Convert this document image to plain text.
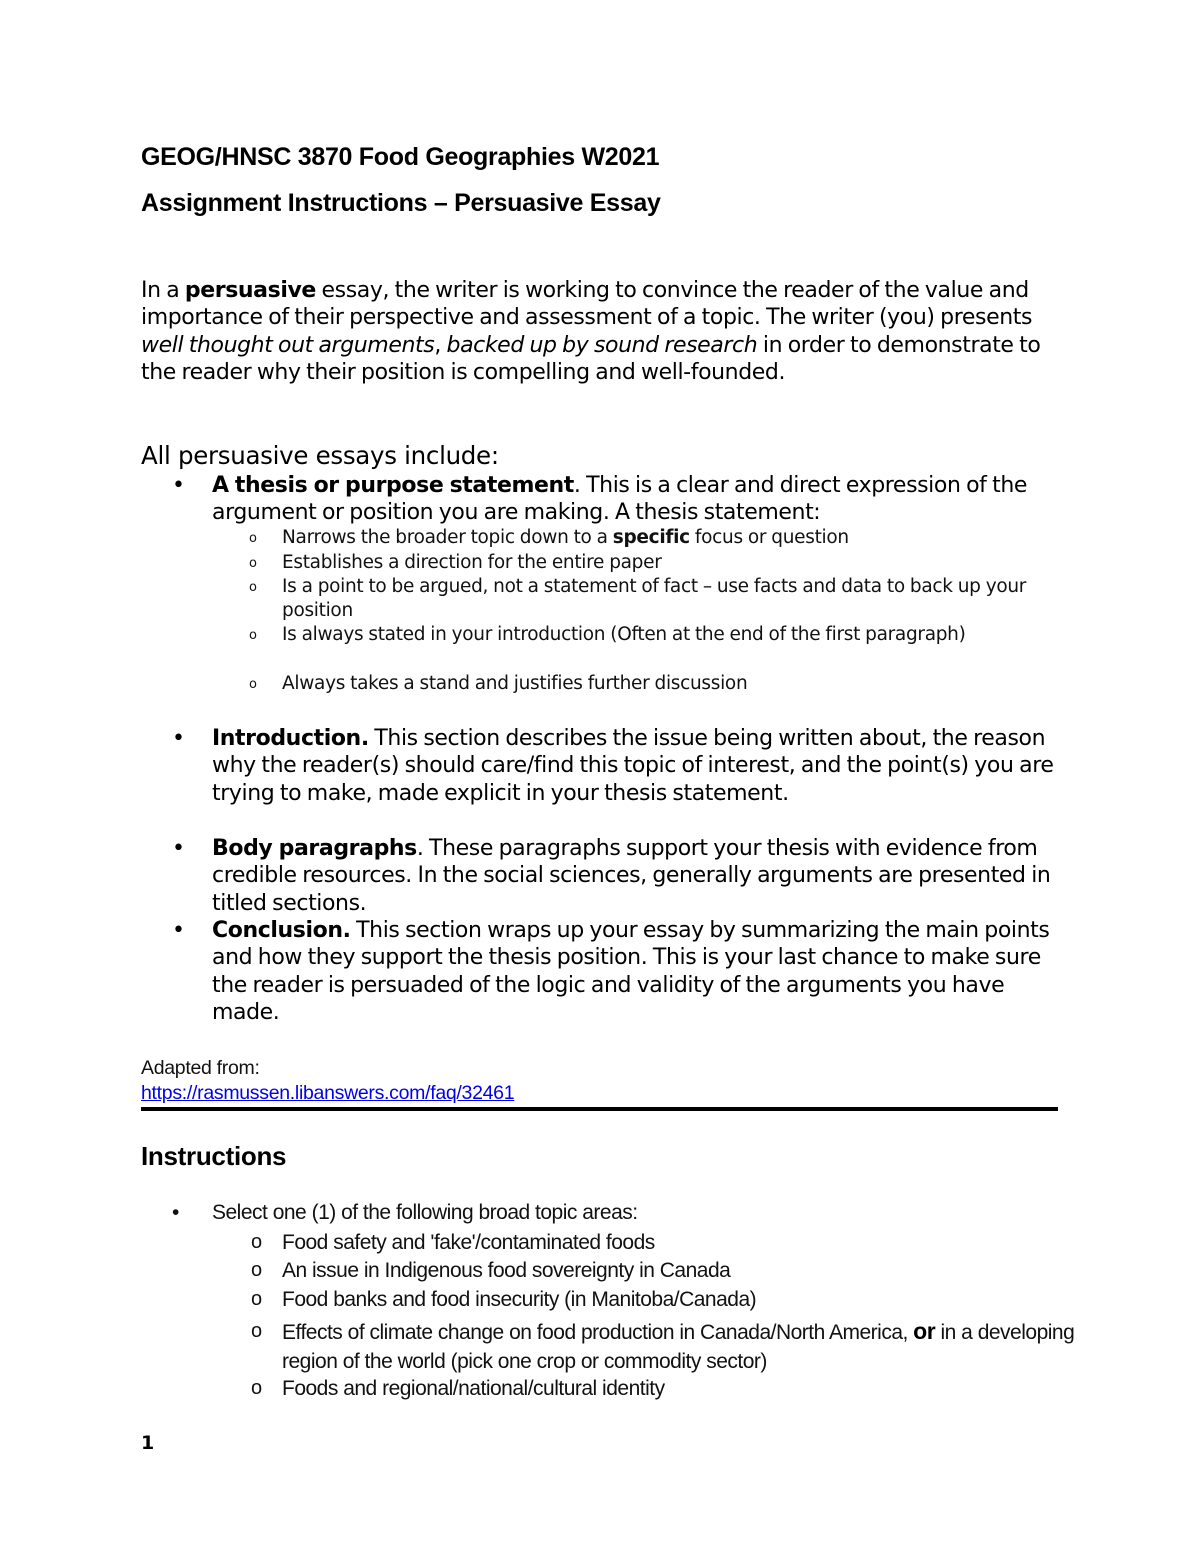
GEOG/HNSC 3870 Food Geographies W2021
Assignment Instructions – Persuasive Essay
In a persuasive essay, the writer is working to convince the reader of the value and importance of their perspective and assessment of a topic. The writer (you) presents well thought out arguments, backed up by sound research in order to demonstrate to the reader why their position is compelling and well-founded.
All persuasive essays include:
• A thesis or purpose statement. This is a clear and direct expression of the argument or position you are making. A thesis statement:
o Narrows the broader topic down to a specific focus or question
o Establishes a direction for the entire paper
o Is a point to be argued, not a statement of fact – use facts and data to back up your position
o Is always stated in your introduction (Often at the end of the first paragraph)
o Always takes a stand and justifies further discussion
• Introduction. This section describes the issue being written about, the reason why the reader(s) should care/find this topic of interest, and the point(s) you are trying to make, made explicit in your thesis statement.
• Body paragraphs. These paragraphs support your thesis with evidence from credible resources. In the social sciences, generally arguments are presented in titled sections.
• Conclusion. This section wraps up your essay by summarizing the main points and how they support the thesis position. This is your last chance to make sure the reader is persuaded of the logic and validity of the arguments you have made.
Adapted from:
https://rasmussen.libanswers.com/faq/32461
Instructions
• Select one (1) of the following broad topic areas:
o Food safety and 'fake'/contaminated foods
o An issue in Indigenous food sovereignty in Canada
o Food banks and food insecurity (in Manitoba/Canada)
o Effects of climate change on food production in Canada/North America, or in a developing region of the world (pick one crop or commodity sector)
o Foods and regional/national/cultural identity
1
